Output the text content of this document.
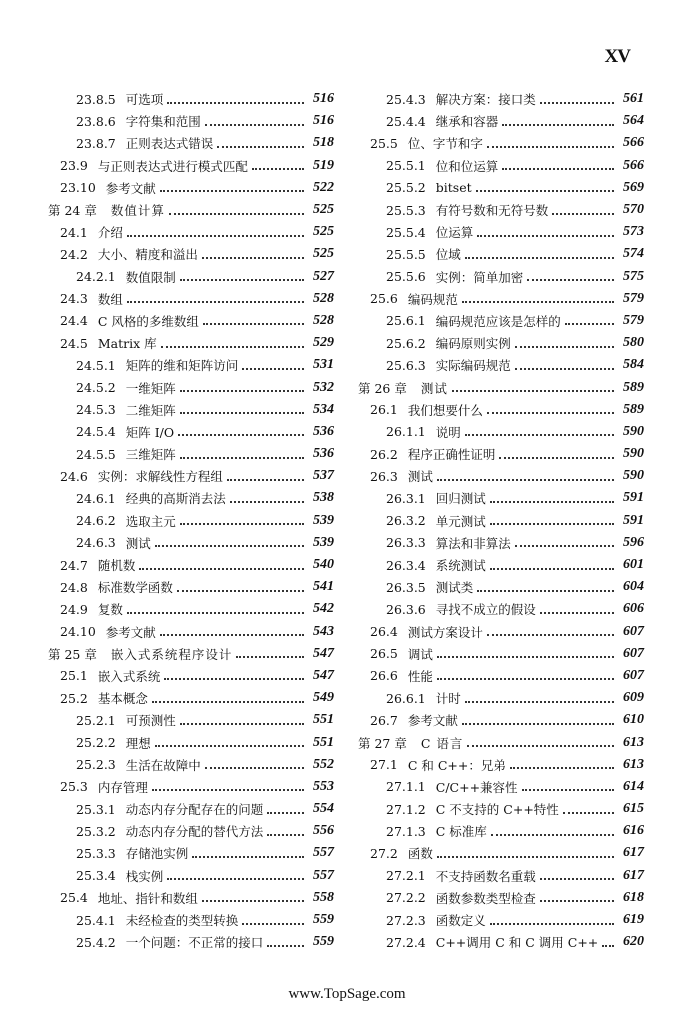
XV
23.8.5 可选项	516
23.8.6 字符集和范围	516
23.8.7 正则表达式错误	518
23.9 与正则表达式进行模式匹配	519
23.10 参考文献	522
第 24 章 数值计算	525
24.1 介绍	525
24.2 大小、精度和溢出	525
24.2.1 数值限制	527
24.3 数组	528
24.4 C 风格的多维数组	528
24.5 Matrix 库	529
24.5.1 矩阵的维和矩阵访问	531
24.5.2 一维矩阵	532
24.5.3 二维矩阵	534
24.5.4 矩阵 I/O	536
24.5.5 三维矩阵	536
24.6 实例：求解线性方程组	537
24.6.1 经典的高斯消去法	538
24.6.2 选取主元	539
24.6.3 测试	539
24.7 随机数	540
24.8 标准数学函数	541
24.9 复数	542
24.10 参考文献	543
第 25 章 嵌入式系统程序设计	547
25.1 嵌入式系统	547
25.2 基本概念	549
25.2.1 可预测性	551
25.2.2 理想	551
25.2.3 生活在故障中	552
25.3 内存管理	553
25.3.1 动态内存分配存在的问题	554
25.3.2 动态内存分配的替代方法	556
25.3.3 存储池实例	557
25.3.4 栈实例	557
25.4 地址、指针和数组	558
25.4.1 未经检查的类型转换	559
25.4.2 一个问题：不正常的接口	559
25.4.3 解决方案：接口类	561
25.4.4 继承和容器	564
25.5 位、字节和字	566
25.5.1 位和位运算	566
25.5.2 bitset	569
25.5.3 有符号数和无符号数	570
25.5.4 位运算	573
25.5.5 位域	574
25.5.6 实例：简单加密	575
25.6 编码规范	579
25.6.1 编码规范应该是怎样的	579
25.6.2 编码原则实例	580
25.6.3 实际编码规范	584
第 26 章 测试	589
26.1 我们想要什么	589
26.1.1 说明	590
26.2 程序正确性证明	590
26.3 测试	590
26.3.1 回归测试	591
26.3.2 单元测试	591
26.3.3 算法和非算法	596
26.3.4 系统测试	601
26.3.5 测试类	604
26.3.6 寻找不成立的假设	606
26.4 测试方案设计	607
26.5 调试	607
26.6 性能	607
26.6.1 计时	609
26.7 参考文献	610
第 27 章 C 语言	613
27.1 C 和 C++：兄弟	613
27.1.1 C/C++兼容性	614
27.1.2 C 不支持的 C++特性	615
27.1.3 C 标准库	616
27.2 函数	617
27.2.1 不支持函数名重载	617
27.2.2 函数参数类型检查	618
27.2.3 函数定义	619
27.2.4 C++调用 C 和 C 调用 C++	620
www.TopSage.com
